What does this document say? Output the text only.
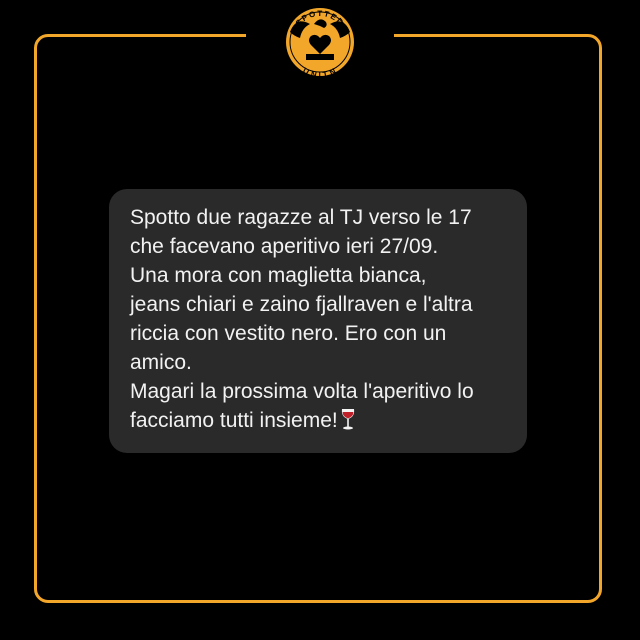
SPOTTED
UNITN

Spotto due ragazze al TJ verso le 17
che facevano aperitivo ieri 27/09.
Una mora con maglietta bianca,
jeans chiari e zaino fjallraven e l'altra
riccia con vestito nero. Ero con un
amico.
Magari la prossima volta l'aperitivo lo
facciamo tutti insieme!
